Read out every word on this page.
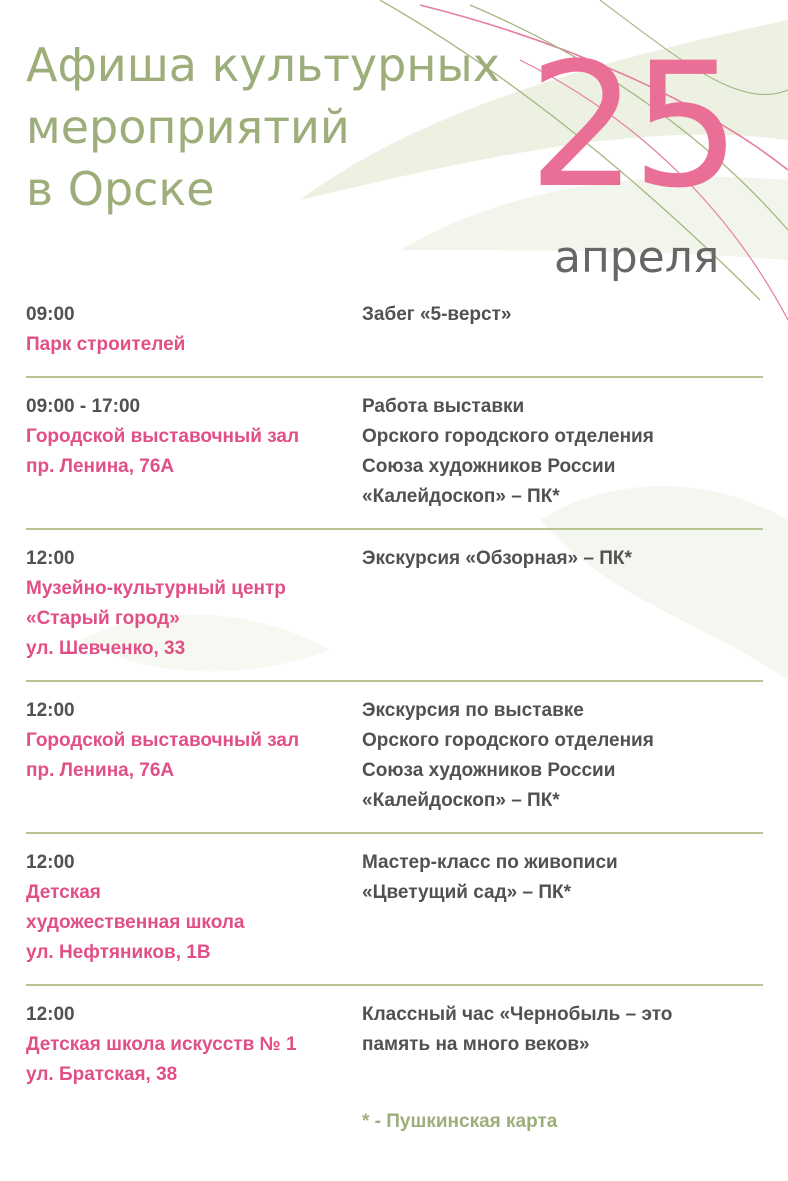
Афиша культурных
мероприятий
в Орске	25
апреля
09:00
Парк строителей
Забег «5-верст»
09:00 - 17:00
Городской выставочный зал
пр. Ленина, 76А
Работа выставки
Орского городского отделения
Союза художников России
«Калейдоскоп» – ПК*
12:00
Музейно-культурный центр
«Старый город»
ул. Шевченко, 33
Экскурсия «Обзорная» – ПК*
12:00
Городской выставочный зал
пр. Ленина, 76А
Экскурсия по выставке
Орского городского отделения
Союза художников России
«Калейдоскоп» – ПК*
12:00
Детская
художественная школа
ул. Нефтяников, 1В
Мастер-класс по живописи
«Цветущий сад» – ПК*
12:00
Детская школа искусств № 1
ул. Братская, 38
Классный час «Чернобыль – это
память на много веков»
* - Пушкинская карта
